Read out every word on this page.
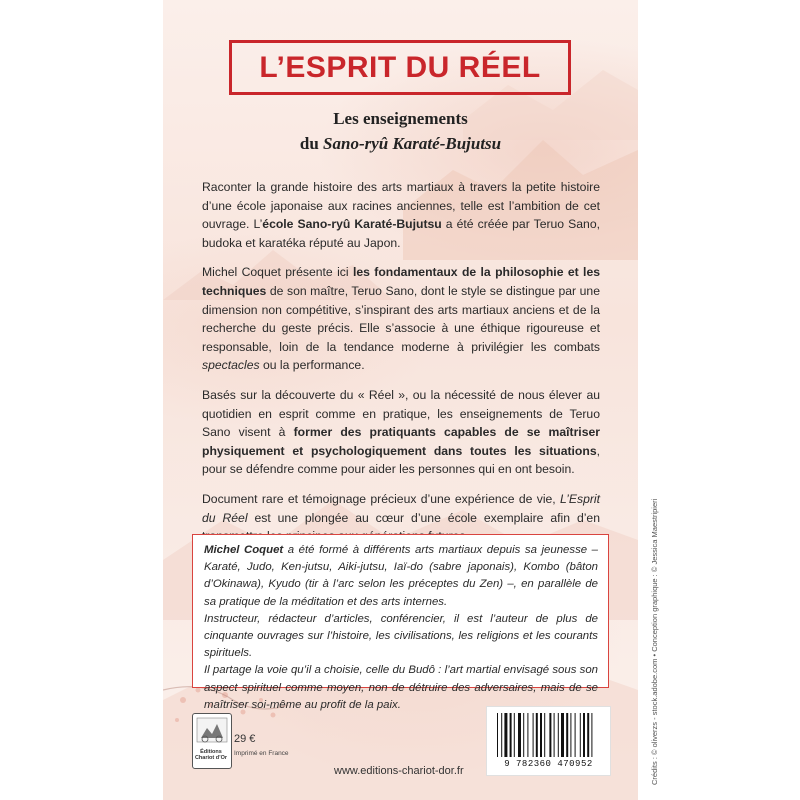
L’ESPRIT DU RÉEL
Les enseignements
du Sano-ryû Karaté-Bujutsu

Raconter la grande histoire des arts martiaux à travers la petite histoire d’une école japonaise aux racines anciennes, telle est l’ambition de cet ouvrage. L’école Sano-ryû Karaté-Bujutsu a été créée par Teruo Sano, budoka et karatéka réputé au Japon.

Michel Coquet présente ici les fondamentaux de la philosophie et les techniques de son maître, Teruo Sano, dont le style se distingue par une dimension non compétitive, s’inspirant des arts martiaux anciens et de la recherche du geste précis. Elle s’associe à une éthique rigoureuse et responsable, loin de la tendance moderne à privilégier les combats spectacles ou la performance.

Basés sur la découverte du « Réel », ou la nécessité de nous élever au quotidien en esprit comme en pratique, les enseignements de Teruo Sano visent à former des pratiquants capables de se maîtriser physiquement et psychologiquement dans toutes les situations, pour se défendre comme pour aider les personnes qui en ont besoin.

Document rare et témoignage précieux d’une expérience de vie, L’Esprit du Réel est une plongée au cœur d’une école exemplaire afin d’en

Michel Coquet a été formé à différents arts martiaux depuis sa jeunesse – Karaté, Judo, Ken-jutsu, Aiki-jutsu, Iaï-do (sabre japonais), Kombo (bâton d’Okinawa), Kyudo (tir à l’arc selon les préceptes du Zen) –, en parallèle de sa pratique de la méditation et des arts internes.

Instructeur, rédacteur d’articles, conférencier, il est l’auteur de plus de cinquante ouvrages sur l’histoire, les civilisations, les religions et les courants spirituels.

Il partage la voie qu’il a choisie, celle du Budô : l’art martial envisagé sous son aspect spirituel comme moyen, non de détruire des adversaires, mais de se maîtriser soi-même au profit de la paix.

Éditions Chariot d’Or
29 €
Imprimé en France
www.editions-chariot-dor.fr
9 782360 470952	Crédits : © oliverzs - stock.adobe.com • Conception graphique : © Jessica Maestripieri
